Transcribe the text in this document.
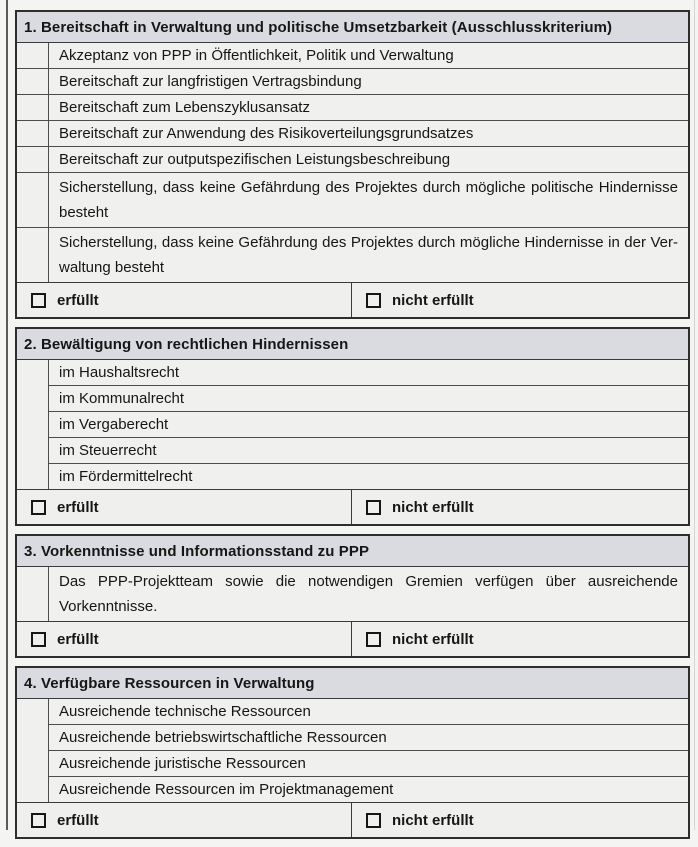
1. Bereitschaft in Verwaltung und politische Umsetzbarkeit (Ausschlusskriterium)
Akzeptanz von PPP in Öffentlichkeit, Politik und Verwaltung
Bereitschaft zur langfristigen Vertragsbindung
Bereitschaft zum Lebenszyklusansatz
Bereitschaft zur Anwendung des Risikoverteilungsgrundsatzes
Bereitschaft zur outputspezifischen Leistungsbeschreibung
Sicherstellung, dass keine Gefährdung des Projektes durch mögliche politische Hindernisse besteht
Sicherstellung, dass keine Gefährdung des Projektes durch mögliche Hindernisse in der Verwaltung besteht
erfüllt	nicht erfüllt
2. Bewältigung von rechtlichen Hindernissen
im Haushaltsrecht
im Kommunalrecht
im Vergaberecht
im Steuerrecht
im Fördermittelrecht
erfüllt	nicht erfüllt
3. Vorkenntnisse und Informationsstand zu PPP
Das PPP-Projektteam sowie die notwendigen Gremien verfügen über ausreichende Vorkenntnisse.
erfüllt	nicht erfüllt
4. Verfügbare Ressourcen in Verwaltung
Ausreichende technische Ressourcen
Ausreichende betriebswirtschaftliche Ressourcen
Ausreichende juristische Ressourcen
Ausreichende Ressourcen im Projektmanagement
erfüllt	nicht erfüllt
